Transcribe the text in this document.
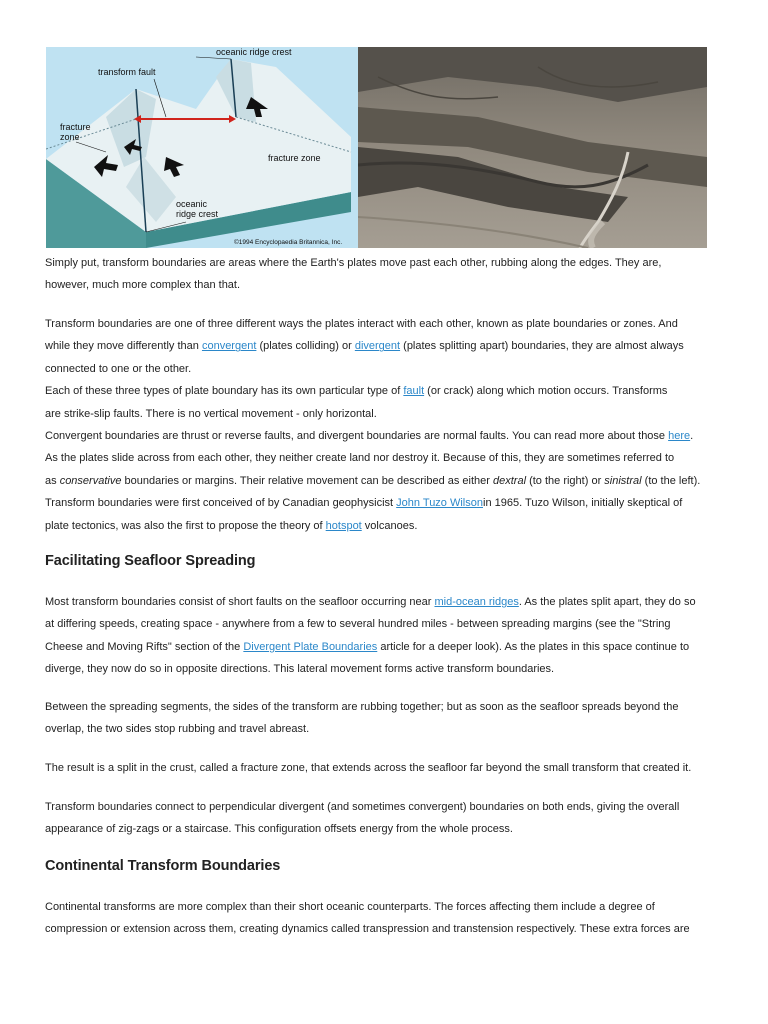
oceanic ridge crest
transform fault
fracture
zone
fracture zone
oceanic
ridge crest
©1994 Encyclopaedia Britannica, Inc.

Simply put, transform boundaries are areas where the Earth's plates move past each other, rubbing along the edges. They are,

however, much more complex than that.

Transform boundaries are one of three different ways the plates interact with each other, known as plate boundaries or zones. And

while they move differently than convergent (plates colliding) or divergent (plates splitting apart) boundaries, they are almost always

connected to one or the other.

Each of these three types of plate boundary has its own particular type of fault (or crack) along which motion occurs. Transforms

are strike-slip faults. There is no vertical movement - only horizontal.

Convergent boundaries are thrust or reverse faults, and divergent boundaries are normal faults. You can read more about those here.

As the plates slide across from each other, they neither create land nor destroy it. Because of this, they are sometimes referred to

as conservative boundaries or margins. Their relative movement can be described as either dextral (to the right) or sinistral (to the left).

Transform boundaries were first conceived of by Canadian geophysicist John Tuzo Wilsonin 1965. Tuzo Wilson, initially skeptical of

plate tectonics, was also the first to propose the theory of hotspot volcanoes.

Facilitating Seafloor Spreading

Most transform boundaries consist of short faults on the seafloor occurring near mid-ocean ridges. As the plates split apart, they do so

at differing speeds, creating space - anywhere from a few to several hundred miles - between spreading margins (see the "String

Cheese and Moving Rifts" section of the Divergent Plate Boundaries article for a deeper look). As the plates in this space continue to

diverge, they now do so in opposite directions. This lateral movement forms active transform boundaries.

Between the spreading segments, the sides of the transform are rubbing together; but as soon as the seafloor spreads beyond the

overlap, the two sides stop rubbing and travel abreast.

The result is a split in the crust, called a fracture zone, that extends across the seafloor far beyond the small transform that created it.

Transform boundaries connect to perpendicular divergent (and sometimes convergent) boundaries on both ends, giving the overall

appearance of zig-zags or a staircase. This configuration offsets energy from the whole process.

Continental Transform Boundaries

Continental transforms are more complex than their short oceanic counterparts. The forces affecting them include a degree of

compression or extension across them, creating dynamics called transpression and transtension respectively. These extra forces are
